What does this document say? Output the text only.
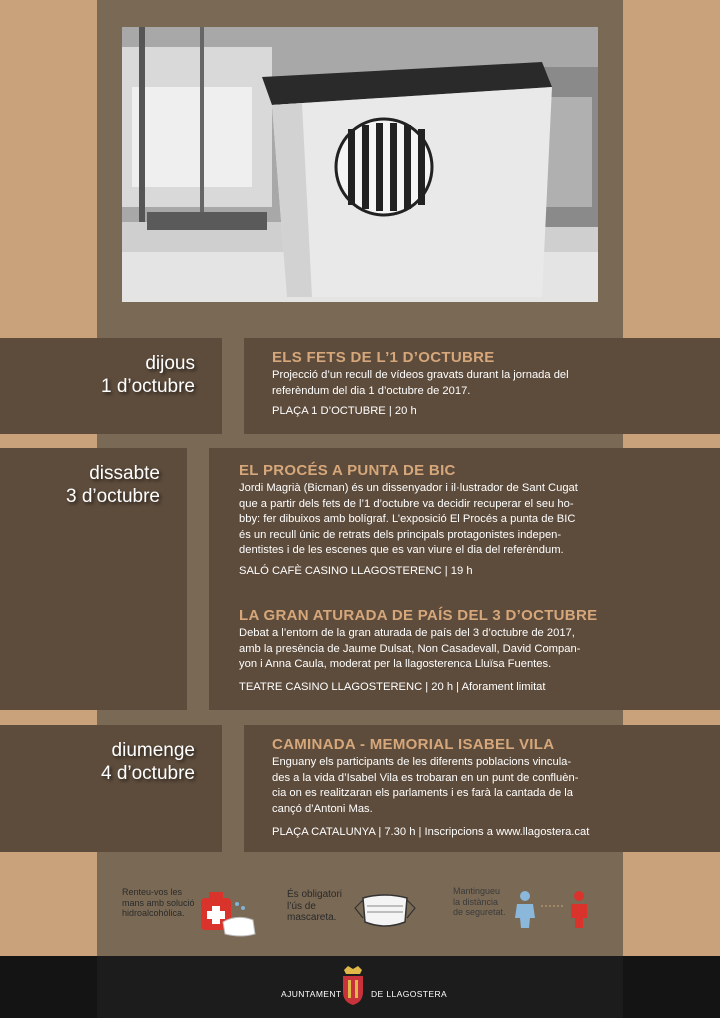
dijous
1 d’octubre
ELS FETS DE L’1 D’OCTUBRE
Projecció d’un recull de vídeos gravats durant la jornada del
referèndum del dia 1 d’octubre de 2017.
PLAÇA 1 D’OCTUBRE | 20 h
dissabte
3 d’octubre
EL PROCÉS A PUNTA DE BIC
Jordi Magrià (Bicman) és un dissenyador i il·lustrador de Sant Cugat
que a partir dels fets de l’1 d’octubre va decidir recuperar el seu ho-
bby: fer dibuixos amb bolígraf. L’exposició El Procés a punta de BIC
és un recull únic de retrats dels principals protagonistes indepen-
dentistes i de les escenes que es van viure el dia del referèndum.
SALÓ CAFÈ CASINO LLAGOSTERENC | 19 h
LA GRAN ATURADA DE PAÍS DEL 3 D’OCTUBRE
Debat a l’entorn de la gran aturada de país del 3 d’octubre de 2017,
amb la presència de Jaume Dulsat, Non Casadevall, David Compan-
yon i Anna Caula, moderat per la llagosterenca Lluïsa Fuentes.
TEATRE CASINO LLAGOSTERENC | 20 h | Aforament limitat
diumenge
4 d’octubre
CAMINADA - MEMORIAL ISABEL VILA
Enguany els participants de les diferents poblacions vincula-
des a la vida d’Isabel Vila es trobaran en un punt de confluèn-
cia on es realitzaran els parlaments i es farà la cantada de la
cançó d’Antoni Mas.
PLAÇA CATALUNYA | 7.30 h | Inscripcions a www.llagostera.cat
Renteu-vos les
mans amb solució
hidroalcohòlica.
És obligatori
l’ús de
mascareta.
Mantingueu
la distància
de seguretat.
AJUNTAMENT	DE LLAGOSTERA
